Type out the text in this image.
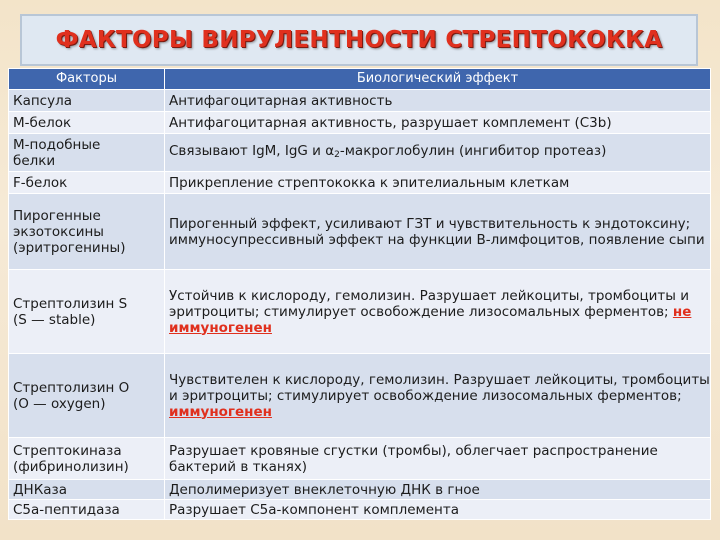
ФАКТОРЫ ВИРУЛЕНТНОСТИ СТРЕПТОКОККА
Факторы	Биологический эффект
Капсула	Антифагоцитарная активность
М-белок	Антифагоцитарная активность, разрушает комплемент (С3b)
М-подобные белки	Связывают IgM, IgG и $\alpha_2$-макроглобулин (ингибитор протеаз)
F-белок	Прикрепление стрептококка к эпителиальным клеткам
Пирогенные экзотоксины (эритрогенины)	Пирогенный эффект, усиливают ГЗТ и чувствительность к эндотоксину; иммуносупрессивный эффект на функции В-лимфоцитов, появление сыпи
Стрептолизин S (S — stable)	Устойчив к кислороду, гемолизин. Разрушает лейкоциты, тромбоциты и эритроциты; стимулирует освобождение лизосомальных ферментов; не иммуногенен
Стрептолизин О (O — oxygen)	Чувствителен к кислороду, гемолизин. Разрушает лейкоциты, тромбоциты и эритроциты; стимулирует освобождение лизосомальных ферментов; иммуногенен
Стрептокиназа (фибринолизин)	Разрушает кровяные сгустки (тромбы), облегчает распространение бактерий в тканях)
ДНКаза	Деполимеризует внеклеточную ДНК в гное
С5а-пептидаза	Разрушает С5а-компонент комплемента
